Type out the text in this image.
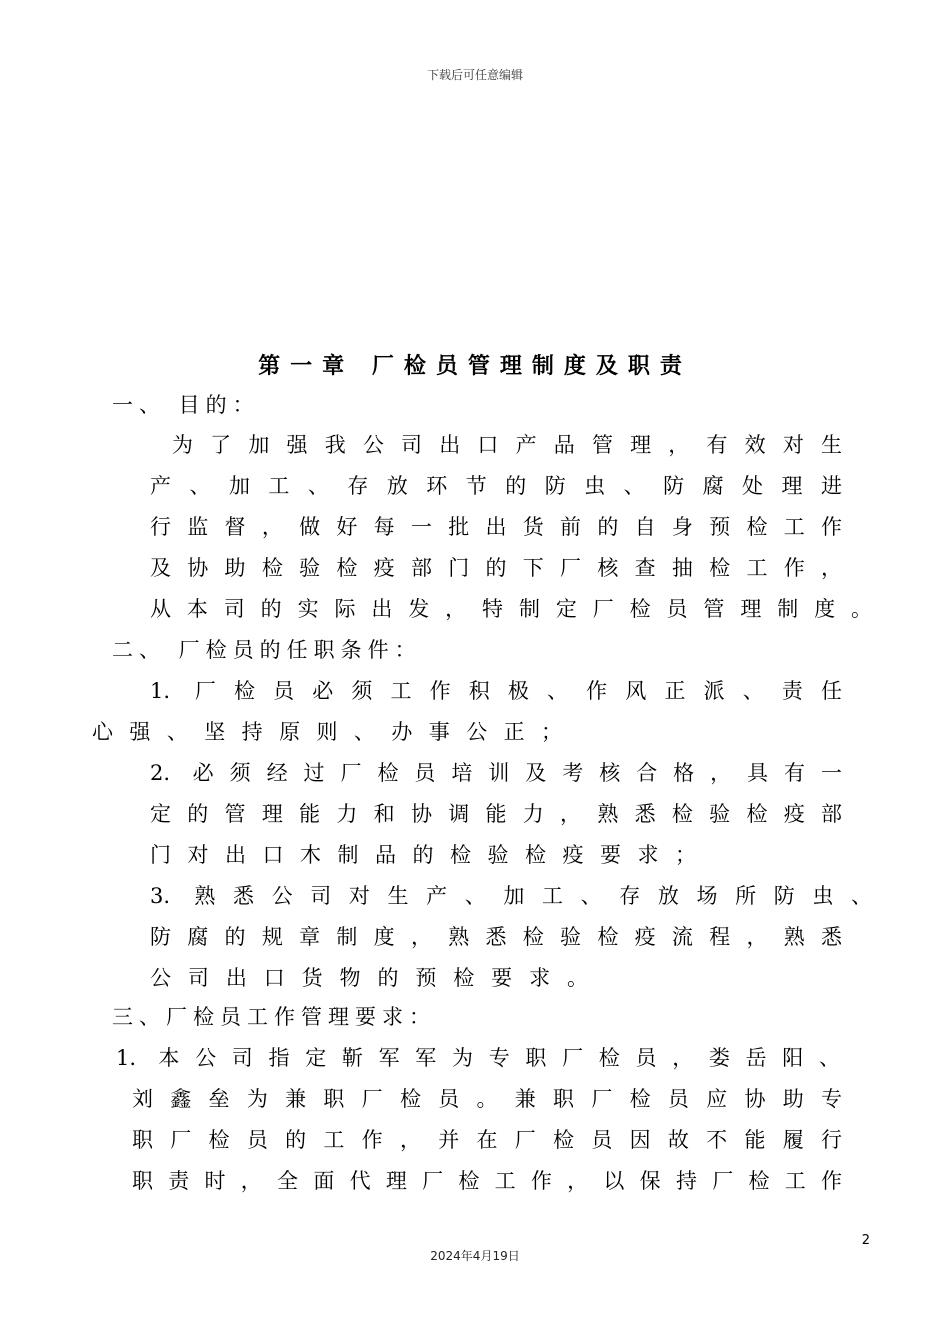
下载后可任意编辑
第一章 厂检员管理制度及职责
一、 目的：
为了加强我公司出口产品管理，有效对生
产、加工、存放环节的防虫、防腐处理进
行监督，做好每一批出货前的自身预检工作
及协助检验检疫部门的下厂核查抽检工作，
从本司的实际出发，特制定厂检员管理制度。
二、 厂检员的任职条件：
1. 厂检员必须工作积极、作风正派、责任
心强、坚持原则、办事公正；
2. 必须经过厂检员培训及考核合格，具有一
定的管理能力和协调能力，熟悉检验检疫部
门对出口木制品的检验检疫要求；
3. 熟悉公司对生产、加工、存放场所防虫、
防腐的规章制度，熟悉检验检疫流程，熟悉
公司出口货物的预检要求。
三、厂检员工作管理要求：
1. 本公司指定靳军军为专职厂检员，娄岳阳、
刘鑫垒为兼职厂检员。兼职厂检员应协助专
职厂检员的工作，并在厂检员因故不能履行
职责时，全面代理厂检工作，以保持厂检工作
2
2024年4月19日
